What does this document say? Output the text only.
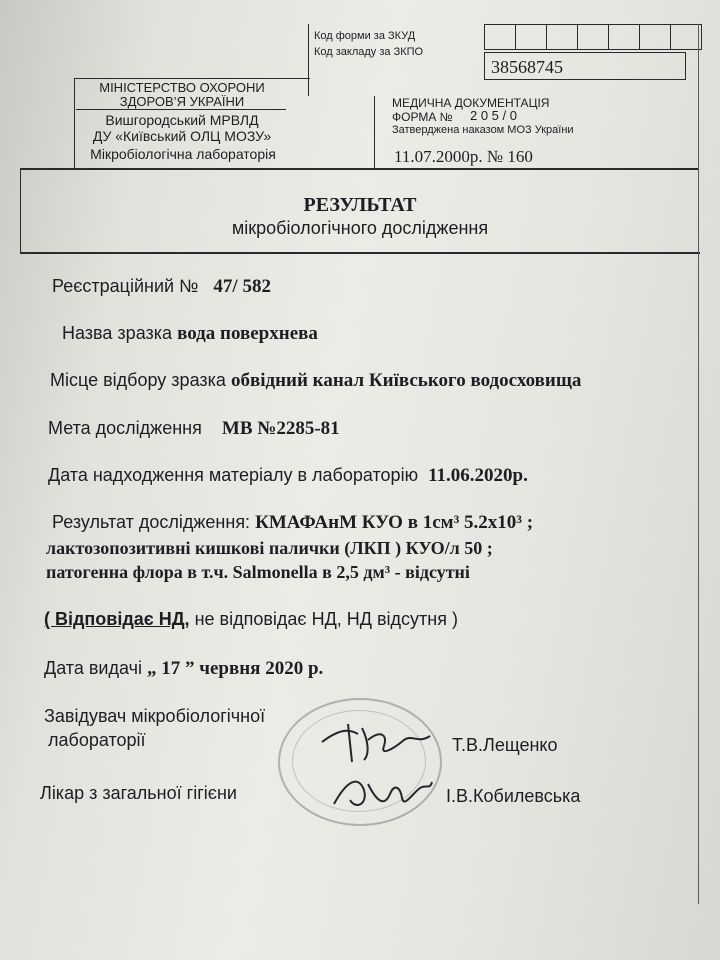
Код форми за ЗКУД
Код закладу за ЗКПО
38568745
МІНІСТЕРСТВО ОХОРОНИ
ЗДОРОВ’Я УКРАЇНИ
Вишгородський МРВЛД
ДУ «Київський ОЛЦ МОЗУ»
Мікробіологічна лабораторія
МЕДИЧНА ДОКУМЕНТАЦІЯ
ФОРМА № 2 0 5 / 0
Затверджена наказом МОЗ України
11.07.2000р. № 160
РЕЗУЛЬТАТ
мікробіологічного дослідження
Реєстраційний № 47/ 582
Назва зразка вода поверхнева
Місце відбору зразка обвідний канал Київського водосховища
Мета дослідження МВ №2285-81
Дата надходження матеріалу в лабораторію 11.06.2020р.
Результат дослідження: КМАФАнМ КУО в 1см³ 5.2х10³ ;
лактозопозитивні кишкові палички (ЛКП ) КУО/л 50 ;
патогенна флора в т.ч. Salmonella в 2,5 дм³ - відсутні
( Відповідає НД, не відповідає НД, НД відсутня )
Дата видачі „ 17 ” червня 2020 р.
Завідувач мікробіологічної
лабораторії	Т.В.Лещенко
Лікар з загальної гігієни	І.В.Кобилевська
